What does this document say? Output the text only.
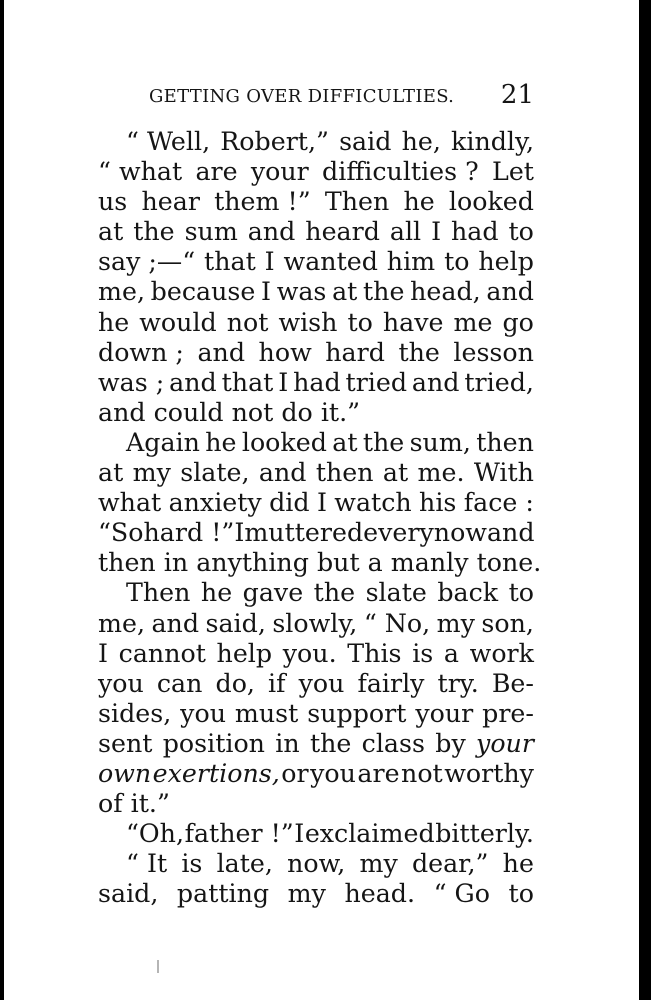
GETTING OVER DIFFICULTIES. 21
“ Well, Robert,” said he, kindly,
“ what are your difficulties ? Let
us hear them !” Then he looked
at the sum and heard all I had to
say ;—“ that I wanted him to help
me, because I was at the head, and
he would not wish to have me go
down ; and how hard the lesson
was ; and that I had tried and tried,
and could not do it.”
Again he looked at the sum, then
at my slate, and then at me. With
what anxiety did I watch his face :
“So hard !” I muttered every now and
then in anything but a manly tone.
Then he gave the slate back to
me, and said, slowly, “ No, my son,
I cannot help you. This is a work
you can do, if you fairly try. Be-
sides, you must support your pre-
sent position in the class by your
own exertions, or you are not worthy
of it.”
“Oh, father !” I exclaimed bitterly.
“ It is late, now, my dear,” he
said, patting my head. “ Go to
